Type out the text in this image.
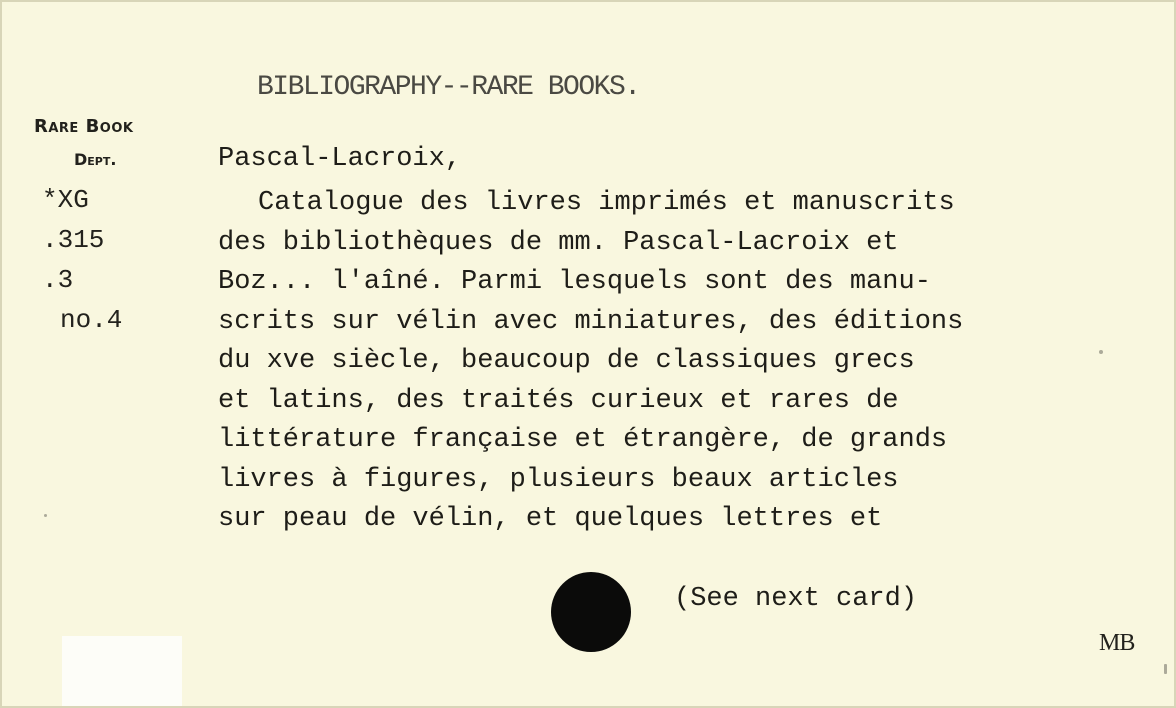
BIBLIOGRAPHY--RARE BOOKS.
Rare Book
Dept.
*XG
.315
.3
no.4
Pascal-Lacroix,
Catalogue des livres imprimés et manuscrits
des bibliothèques de mm. Pascal-Lacroix et
Boz... l'aîné. Parmi lesquels sont des manu-
scrits sur vélin avec miniatures, des éditions
du xve siècle, beaucoup de classiques grecs
et latins, des traités curieux et rares de
littérature française et étrangère, de grands
livres à figures, plusieurs beaux articles
sur peau de vélin, et quelques lettres et
(See next card)
MB
